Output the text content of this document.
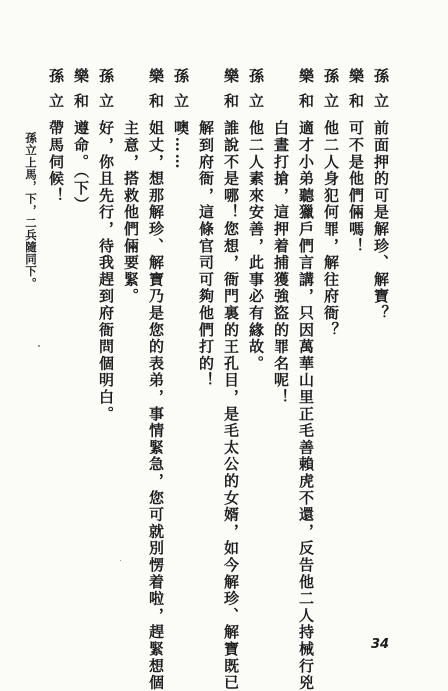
孫立
前面押的可是解珍、解寶？
樂和
可不是他們倆嗎！
孫立
他二人身犯何罪，解往府衙？
樂和
適才小弟聽獵戶們言講，只因萬華山里正毛善賴虎不還，反告他二人持械行兇
白晝打搶，這押着捕獲強盜的罪名呢！
孫立
他二人素來安善，此事必有緣故。
樂和
誰說不是哪！您想，衙門裏的王孔目，是毛太公的女婿，如今解珍、解寶既已
解到府衙，這條官司可夠他們打的！
孫立
噢……
樂和
姐丈，想那解珍、解寶乃是您的表弟，事情緊急，您可就別愣着啦，趕緊想個
主意，搭救他們倆要緊。
孫立
好，你且先行，待我趕到府衙問個明白。
樂和
遵命。（下）
孫立
帶馬伺候！
孫立上馬，下，二兵隨同下。
34
